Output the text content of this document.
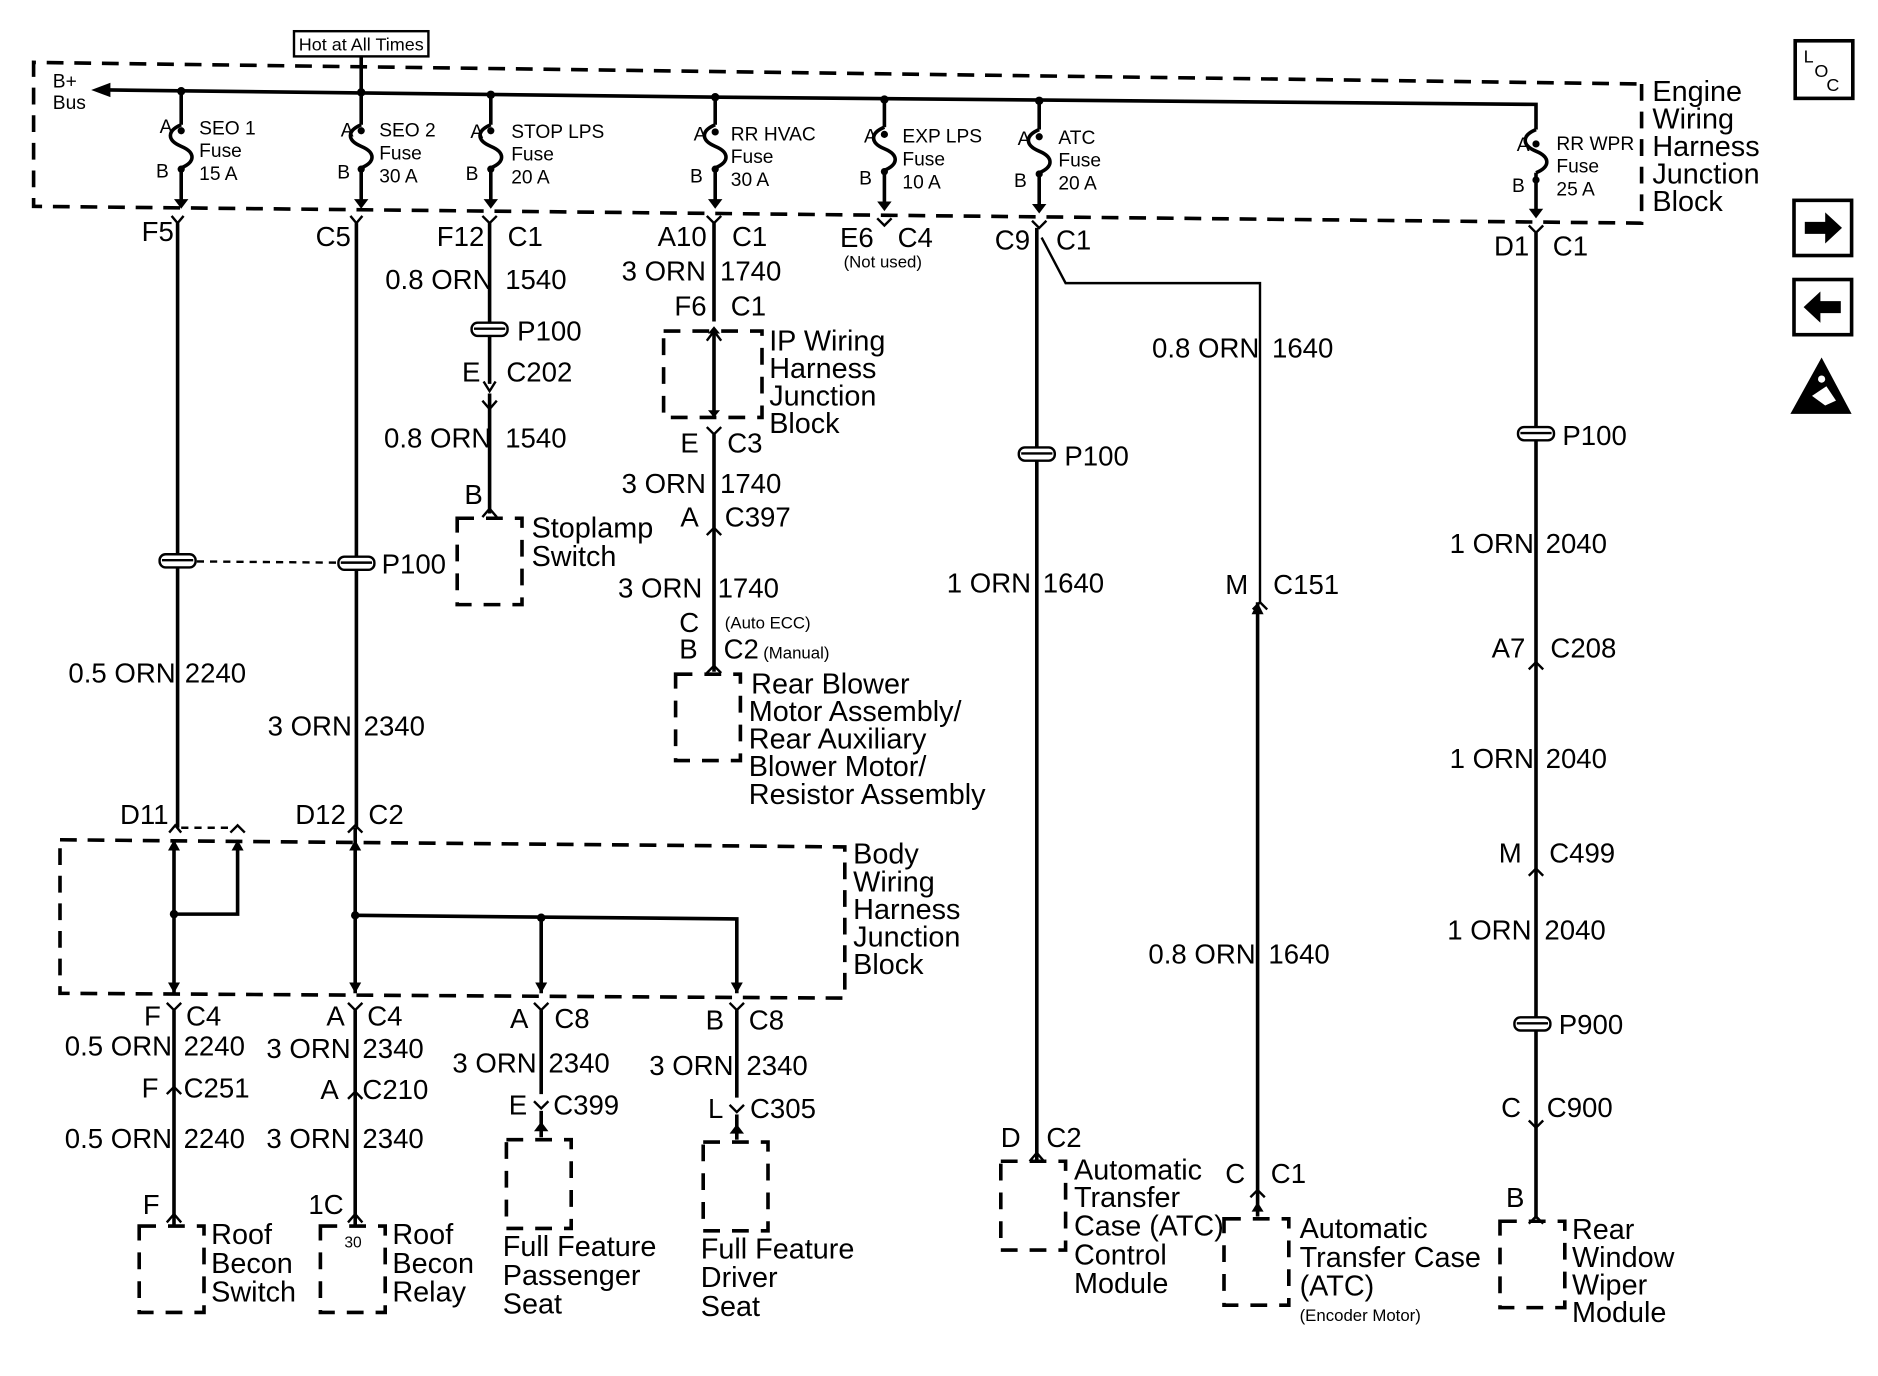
Engine
Wiring
Harness
Junction
Block
Hot at All Times
B+
Bus
A
B
SEO 1
Fuse
15 A
A
B
SEO 2
Fuse
30 A
A
B
STOP LPS
Fuse
20 A
A
B
RR HVAC
Fuse
30 A
A
B
EXP LPS
Fuse
10 A
A
B
ATC
Fuse
20 A
A
B
RR WPR
Fuse
25 A
F5	C5	F12 C1	A10 C1	E6 C4
(Not used)
C9 C1	D1 C1
P100
0.5 ORN 2240
3 ORN 2340
Body
Wiring
Harness
Junction
Block
D11	D12 C2
F C4	A C4	A C8	B C8
0.5 ORN 2240 3 ORN 2340 3 ORN 2340 3 ORN 2340
F C251	A C210
E C399	L C305
0.5 ORN 2240 3 ORN 2340
F	1C
Roof
Becon
Switch
30 Roof
Becon
Relay
Full Feature
Passenger
Seat
Full Feature
Driver
Seat
0.8 ORN 1540
P100
E C202
0.8 ORN 1540
B
Stoplamp
Switch
3 ORN 1740
F6 C1
IP Wiring
Harness
Junction
Block
E C3
3 ORN 1740
A C397
3 ORN 1740
C (Auto ECC)
B C2 (Manual)
Rear Blower
Motor Assembly/
Rear Auxiliary
Blower Motor/
Resistor Assembly
P100
1 ORN 1640
D C2
Automatic
Transfer
Case (ATC)
Control
Module
0.8 ORN 1640
M C151
0.8 ORN 1640
C C1
Automatic
Transfer Case
(ATC)
(Encoder Motor)
P100
1 ORN 2040
A7 C208
1 ORN 2040
M C499
1 ORN 2040
P900
C C900
B
Rear
Window
Wiper
Module
L
O
C
